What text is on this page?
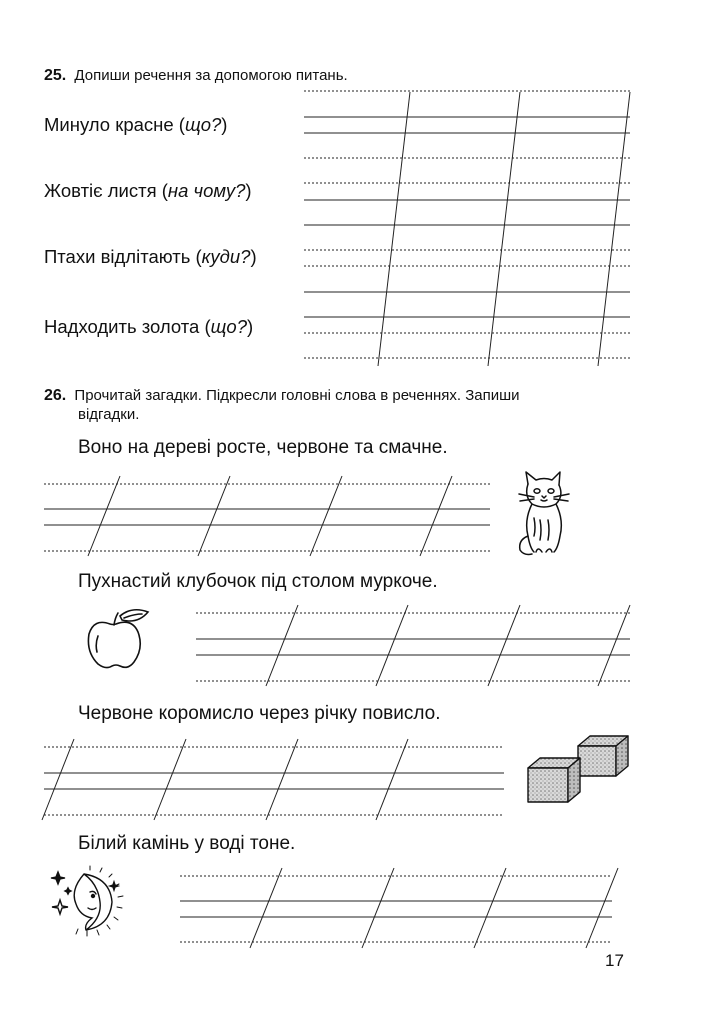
25. Допиши речення за допомогою питань.
Минуло красне (що?)
Жовтіє листя (на чому?)
Птахи відлітають (куди?)
Надходить золота (що?)
26. Прочитай загадки. Підкресли головні слова в реченнях. Запиши
відгадки.
Воно на дереві росте, червоне та смачне.
Пухнастий клубочок під столом муркоче.
Червоне коромисло через річку повисло.
Білий камінь у воді тоне.
17
